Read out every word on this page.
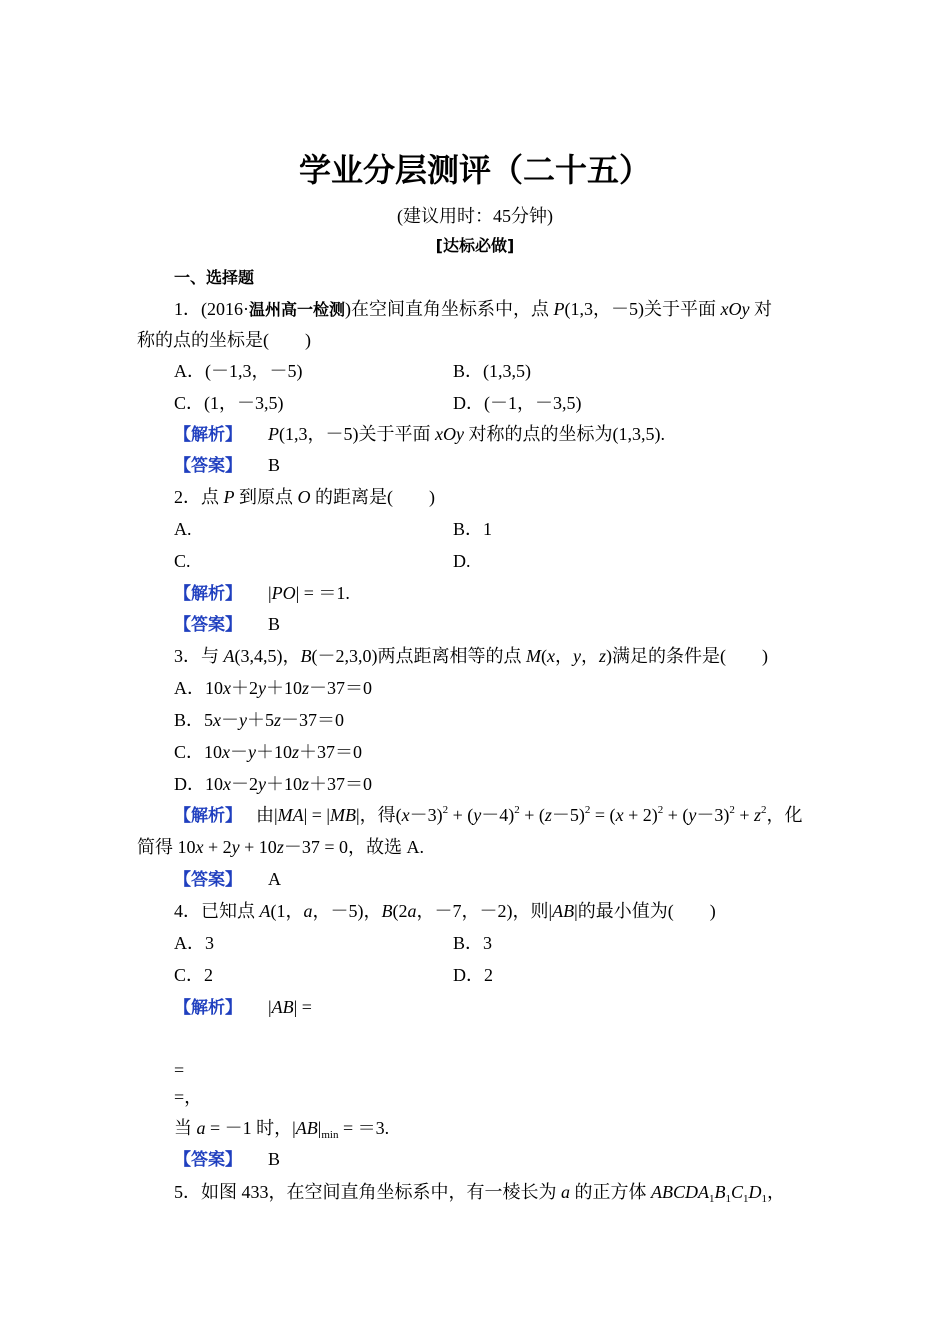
学业分层测评（二十五）
(建议用时：45分钟)
[达标必做]
一、选择题
1．(2016·温州高一检测)在空间直角坐标系中，点 P(1,3，－5)关于平面 xOy 对
称的点的坐标是(　　)
A．(－1,3，－5)	B．(1,3,5)
C．(1，－3,5)	D．(－1，－3,5)
【解析】 P(1,3，－5)关于平面 xOy 对称的点的坐标为(1,3,5).
【答案】 B
2．点 P 到原点 O 的距离是(　　)
A.	B．1
C.	D.
【解析】 |PO| = ＝1.
【答案】 B
3．与 A(3,4,5)，B(－2,3,0)两点距离相等的点 M(x，y，z)满足的条件是(　　)
A．10x＋2y＋10z－37＝0
B．5x－y＋5z－37＝0
C．10x－y＋10z＋37＝0
D．10x－2y＋10z＋37＝0
【解析】 由|MA| = |MB|，得$(x-3)^2 + (y-4)^2 + (z-5)^2 = (x + 2)^2 + (y-3)^2 + z^2$，化
简得 10x + 2y + 10z－37 = 0，故选 A.
【答案】 A
4．已知点 A(1，a，－5)，B(2a，－7，－2)，则|AB|的最小值为(　　)
A．3	B．3
C．2	D．2
【解析】 |AB| =
=
=，
当 a = －1 时，$|AB|_{min} = =3$.
【答案】 B
5．如图 433，在空间直角坐标系中，有一棱长为 a 的正方体 $ABCDA_1B_1C_1D_1$，
